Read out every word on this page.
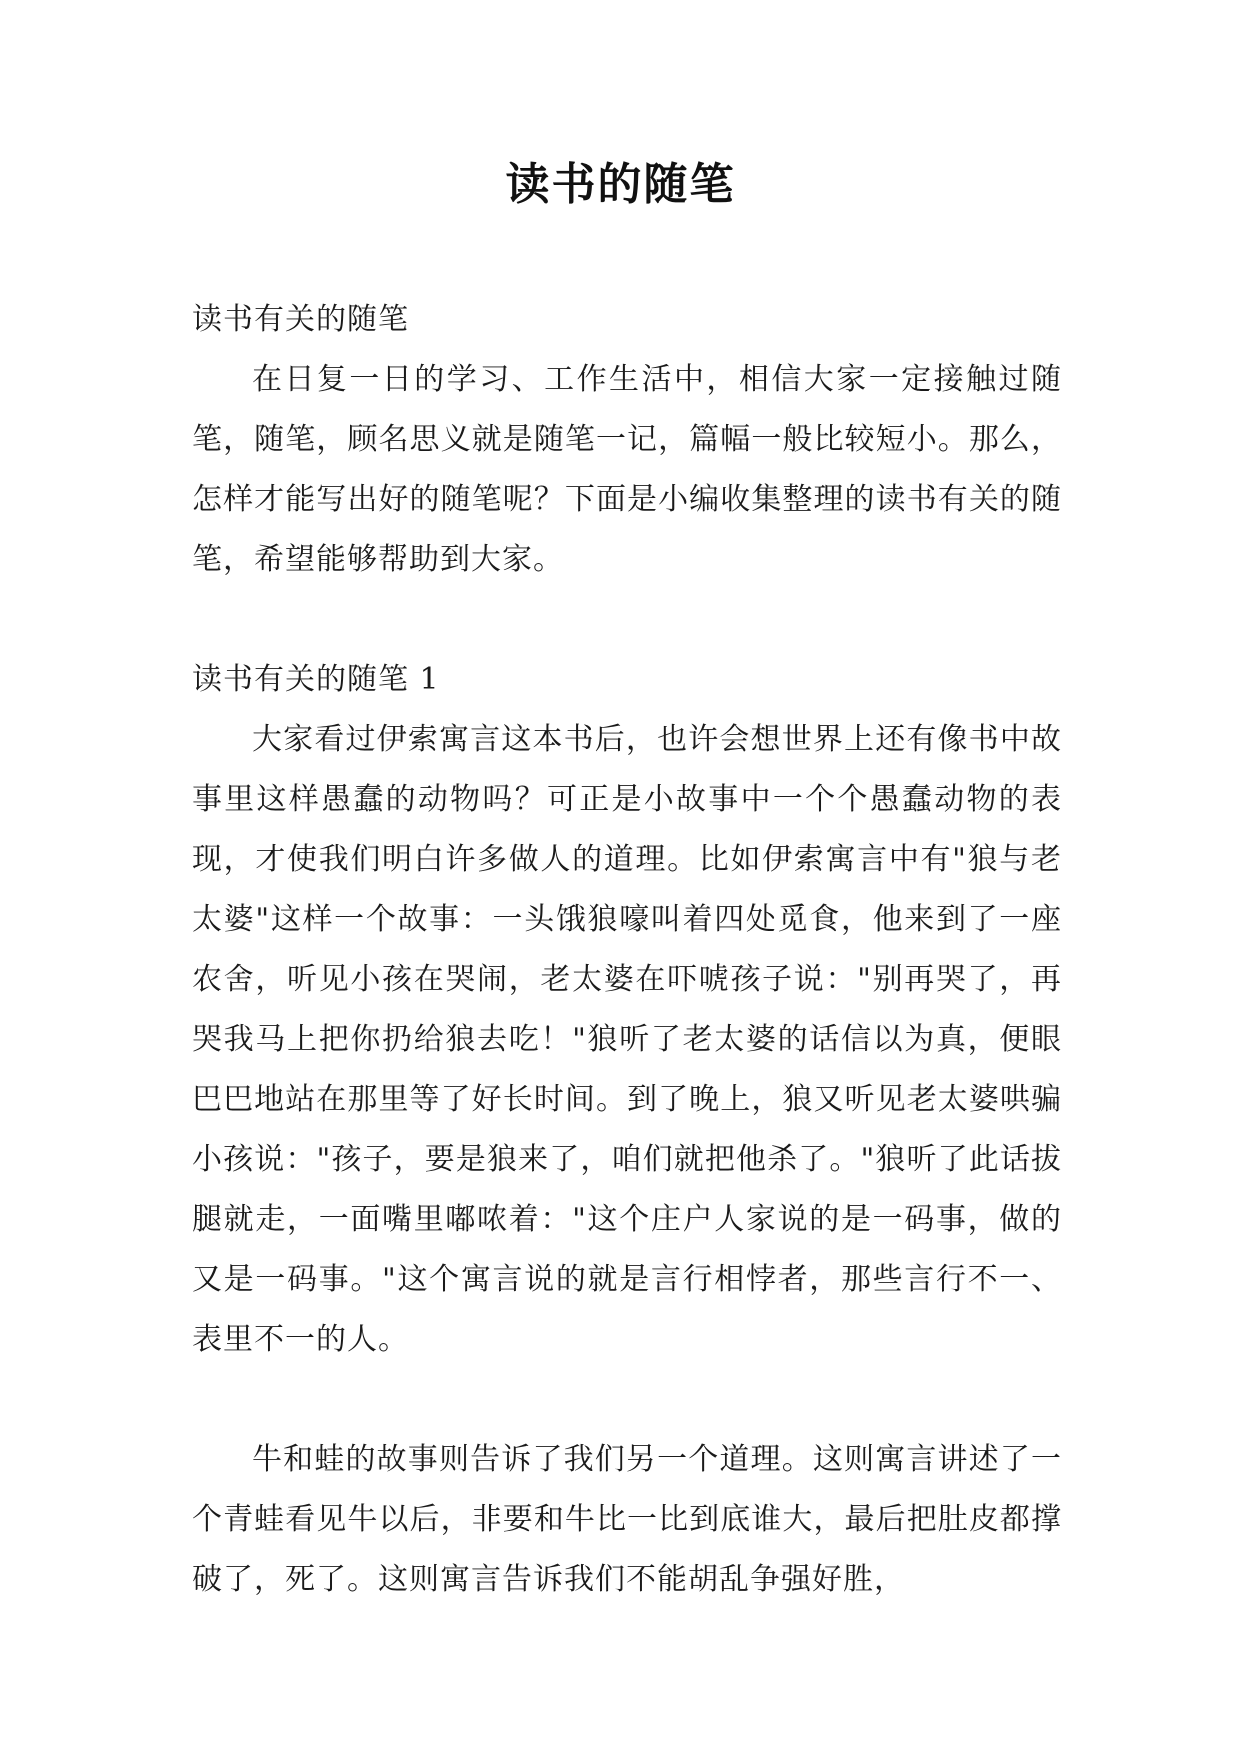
读书的随笔

读书有关的随笔

在日复一日的学习、工作生活中，相信大家一定接触过随笔，随笔，顾名思义就是随笔一记，篇幅一般比较短小。那么，怎样才能写出好的随笔呢？下面是小编收集整理的读书有关的随笔，希望能够帮助到大家。

读书有关的随笔 1

大家看过伊索寓言这本书后，也许会想世界上还有像书中故事里这样愚蠢的动物吗？可正是小故事中一个个愚蠢动物的表现，才使我们明白许多做人的道理。比如伊索寓言中有"狼与老太婆"这样一个故事：一头饿狼嚎叫着四处觅食，他来到了一座农舍，听见小孩在哭闹，老太婆在吓唬孩子说："别再哭了，再哭我马上把你扔给狼去吃！"狼听了老太婆的话信以为真，便眼巴巴地站在那里等了好长时间。到了晚上，狼又听见老太婆哄骗小孩说："孩子，要是狼来了，咱们就把他杀了。"狼听了此话拔腿就走，一面嘴里嘟哝着："这个庄户人家说的是一码事，做的又是一码事。"这个寓言说的就是言行相悖者，那些言行不一、表里不一的人。

牛和蛙的故事则告诉了我们另一个道理。这则寓言讲述了一个青蛙看见牛以后，非要和牛比一比到底谁大，最后把肚皮都撑破了，死了。这则寓言告诉我们不能胡乱争强好胜，
